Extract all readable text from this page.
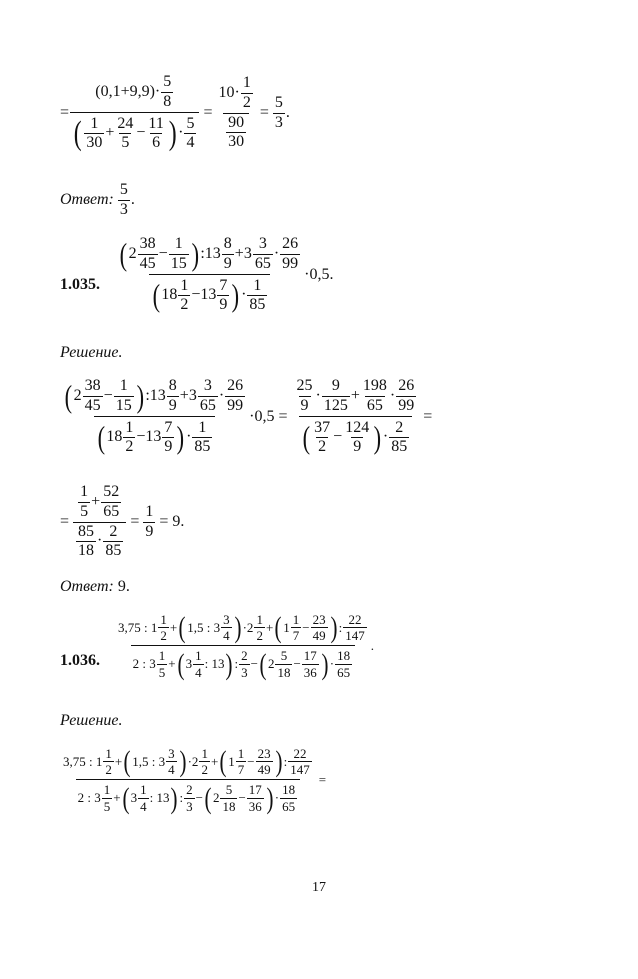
=
$(0,1+9,9)\cdot \frac{5}{8}$
( $\frac{1}{30} + \frac{24}{5} - \frac{11}{6}$ ) · $\frac{5}{4}$
= $\frac{10\cdot \frac{1}{2}}{\frac{90}{30}} = \frac{5}{3}$ .
Ответ: $\frac{5}{3}$ .
1.035.
( $2 \frac{38}{45} - \frac{1}{15}$ ) :13 $\frac{8}{9} +3 \frac{3}{65} \cdot \frac{26}{99}$
( $18 \frac{1}{2} -13 \frac{7}{9}$ ) · $\frac{1}{85}$
·0,5.
Решение.
( $2 \frac{38}{45} - \frac{1}{15}$ ) :13 $\frac{8}{9} +3 \frac{3}{65} \cdot \frac{26}{99}$
( $18 \frac{1}{2} -13 \frac{7}{9}$ ) · $\frac{1}{85}$
·0,5 =
$\frac{25}{9} \cdot \frac{9}{125} + \frac{198}{65} \cdot \frac{26}{99}$
( $\frac{37}{2} - \frac{124}{9}$ ) · $\frac{2}{85}$
=
= $\frac{\frac{1}{5} + \frac{52}{65}}{\frac{85}{18} \cdot \frac{2}{85}} = \frac{1}{9} = 9$.
Ответ: 9.
1.036.
3,75 : $1 \frac{1}{2}$ + ( 1,5 : $3 \frac{3}{4}$ ) $\cdot 2 \frac{1}{2}$ + ( $1 \frac{1}{7} - \frac{23}{49}$ ) : $\frac{22}{147}$
2 : $3 \frac{1}{5}$ + ( $3 \frac{1}{4}$ : 13 ) : $\frac{2}{3}$ − ( $2 \frac{5}{18} - \frac{17}{36}$ ) · $\frac{18}{65}$
.
Решение.
3,75 : $1 \frac{1}{2}$ + ( 1,5 : $3 \frac{3}{4}$ ) $\cdot 2 \frac{1}{2}$ + ( $1 \frac{1}{7} - \frac{23}{49}$ ) : $\frac{22}{147}$
2 : $3 \frac{1}{5}$ + ( $3 \frac{1}{4}$ : 13 ) : $\frac{2}{3}$ − ( $2 \frac{5}{18} - \frac{17}{36}$ ) · $\frac{18}{65}$
=
17
